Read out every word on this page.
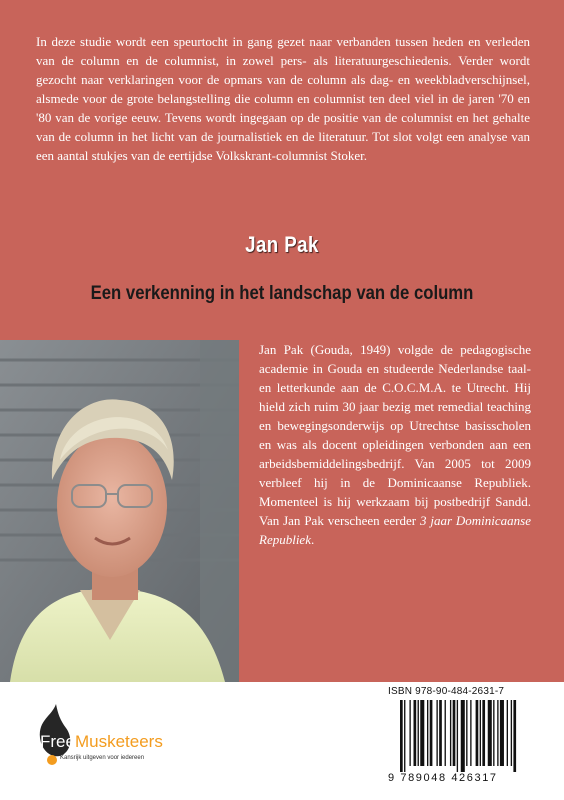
In deze studie wordt een speurtocht in gang gezet naar verbanden tussen heden en verleden van de column en de columnist, in zowel pers- als literatuurgeschiedenis. Verder wordt gezocht naar verklaringen voor de opmars van de column als dag- en weekbladverschijnsel, alsmede voor de grote belangstelling die column en columnist ten deel viel in de jaren '70 en '80 van de vorige eeuw. Tevens wordt ingegaan op de positie van de columnist en het gehalte van de column in het licht van de journalistiek en de literatuur. Tot slot volgt een analyse van een aantal stukjes van de eertijdse Volkskrant-columnist Stoker.

Jan Pak
Een verkenning in het landschap van de column

Jan Pak (Gouda, 1949) volgde de pedagogische academie in Gouda en studeerde Nederlandse taal- en letterkunde aan de C.O.C.M.A. te Utrecht. Hij hield zich ruim 30 jaar bezig met remedial teaching en bewegingsonderwijs op Utrechtse basisscholen en was als docent opleidingen verbonden aan een arbeidsbemiddelingsbedrijf. Van 2005 tot 2009 verbleef hij in de Dominicaanse Republiek. Momenteel is hij werkzaam bij postbedrijf Sandd. Van Jan Pak verscheen eerder 3 jaar Dominicaanse Republiek.

FreeMusketeers
Kansrijk uitgeven voor iedereen
ISBN 978-90-484-2631-7
9 789048 426317
